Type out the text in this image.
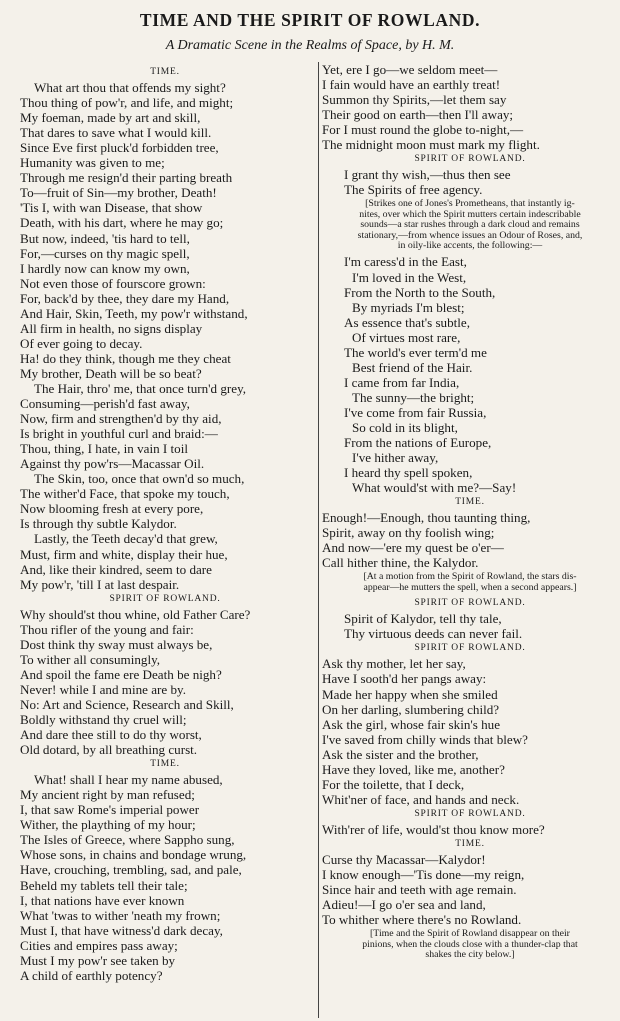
TIME AND THE SPIRIT OF ROWLAND.

A Dramatic Scene in the Realms of Space, by H. M.

TIME.
What art thou that offends my sight?
Thou thing of pow'r, and life, and might;
My foeman, made by art and skill,
That dares to save what I would kill.
Since Eve first pluck'd forbidden tree,
Humanity was given to me;
Through me resign'd their parting breath
To—fruit of Sin—my brother, Death!
'Tis I, with wan Disease, that show
Death, with his dart, where he may go;
But now, indeed, 'tis hard to tell,
For,—curses on thy magic spell,
I hardly now can know my own,
Not even those of fourscore grown:
For, back'd by thee, they dare my Hand,
And Hair, Skin, Teeth, my pow'r withstand,
All firm in health, no signs display
Of ever going to decay.
Ha! do they think, though me they cheat
My brother, Death will be so beat?
The Hair, thro' me, that once turn'd grey,
Consuming—perish'd fast away,
Now, firm and strengthen'd by thy aid,
Is bright in youthful curl and braid:—
Thou, thing, I hate, in vain I toil
Against thy pow'rs—Macassar Oil.
The Skin, too, once that own'd so much,
The wither'd Face, that spoke my touch,
Now blooming fresh at every pore,
Is through thy subtle Kalydor.
Lastly, the Teeth decay'd that grew,
Must, firm and white, display their hue,
And, like their kindred, seem to dare
My pow'r, 'till I at last despair.
SPIRIT OF ROWLAND.
Why should'st thou whine, old Father Care?
Thou rifler of the young and fair:
Dost think thy sway must always be,
To wither all consumingly,
And spoil the fame ere Death be nigh?
Never! while I and mine are by.
No: Art and Science, Research and Skill,
Boldly withstand thy cruel will;
And dare thee still to do thy worst,
Old dotard, by all breathing curst.
TIME.
What! shall I hear my name abused,
My ancient right by man refused;
I, that saw Rome's imperial power
Wither, the plaything of my hour;
The Isles of Greece, where Sappho sung,
Whose sons, in chains and bondage wrung,
Have, crouching, trembling, sad, and pale,
Beheld my tablets tell their tale;
I, that nations have ever known
What 'twas to wither 'neath my frown;
Must I, that have witness'd dark decay,
Cities and empires pass away;
Must I my pow'r see taken by
A child of earthly potency?
Yet, ere I go—we seldom meet—
I fain would have an earthly treat!
Summon thy Spirits,—let them say
Their good on earth—then I'll away;
For I must round the globe to-night,—
The midnight moon must mark my flight.
SPIRIT OF ROWLAND.
I grant thy wish,—thus then see
The Spirits of free agency.
[Strikes one of Jones's Prometheans, that instantly ig-
nites, over which the Spirit mutters certain indescribable
sounds—a star rushes through a dark cloud and remains
stationary,—from whence issues an Odour of Roses, and,
in oily-like accents, the following:—
I'm caress'd in the East,
I'm loved in the West,
From the North to the South,
By myriads I'm blest;
As essence that's subtle,
Of virtues most rare,
The world's ever term'd me
Best friend of the Hair.
I came from far India,
The sunny—the bright;
I've come from fair Russia,
So cold in its blight,
From the nations of Europe,
I've hither away,
I heard thy spell spoken,
What would'st with me?—Say!
TIME.
Enough!—Enough, thou taunting thing,
Spirit, away on thy foolish wing;
And now—'ere my quest be o'er—
Call hither thine, the Kalydor.
[At a motion from the Spirit of Rowland, the stars dis-
appear—he mutters the spell, when a second appears.]
SPIRIT OF ROWLAND.
Spirit of Kalydor, tell thy tale,
Thy virtuous deeds can never fail.
SPIRIT OF ROWLAND.
Ask thy mother, let her say,
Have I sooth'd her pangs away:
Made her happy when she smiled
On her darling, slumbering child?
Ask the girl, whose fair skin's hue
I've saved from chilly winds that blew?
Ask the sister and the brother,
Have they loved, like me, another?
For the toilette, that I deck,
Whit'ner of face, and hands and neck.
SPIRIT OF ROWLAND.
With'rer of life, would'st thou know more?
TIME.
Curse thy Macassar—Kalydor!
I know enough—'Tis done—my reign,
Since hair and teeth with age remain.
Adieu!—I go o'er sea and land,
To whither where there's no Rowland.
[Time and the Spirit of Rowland disappear on their
pinions, when the clouds close with a thunder-clap that
shakes the city below.]
